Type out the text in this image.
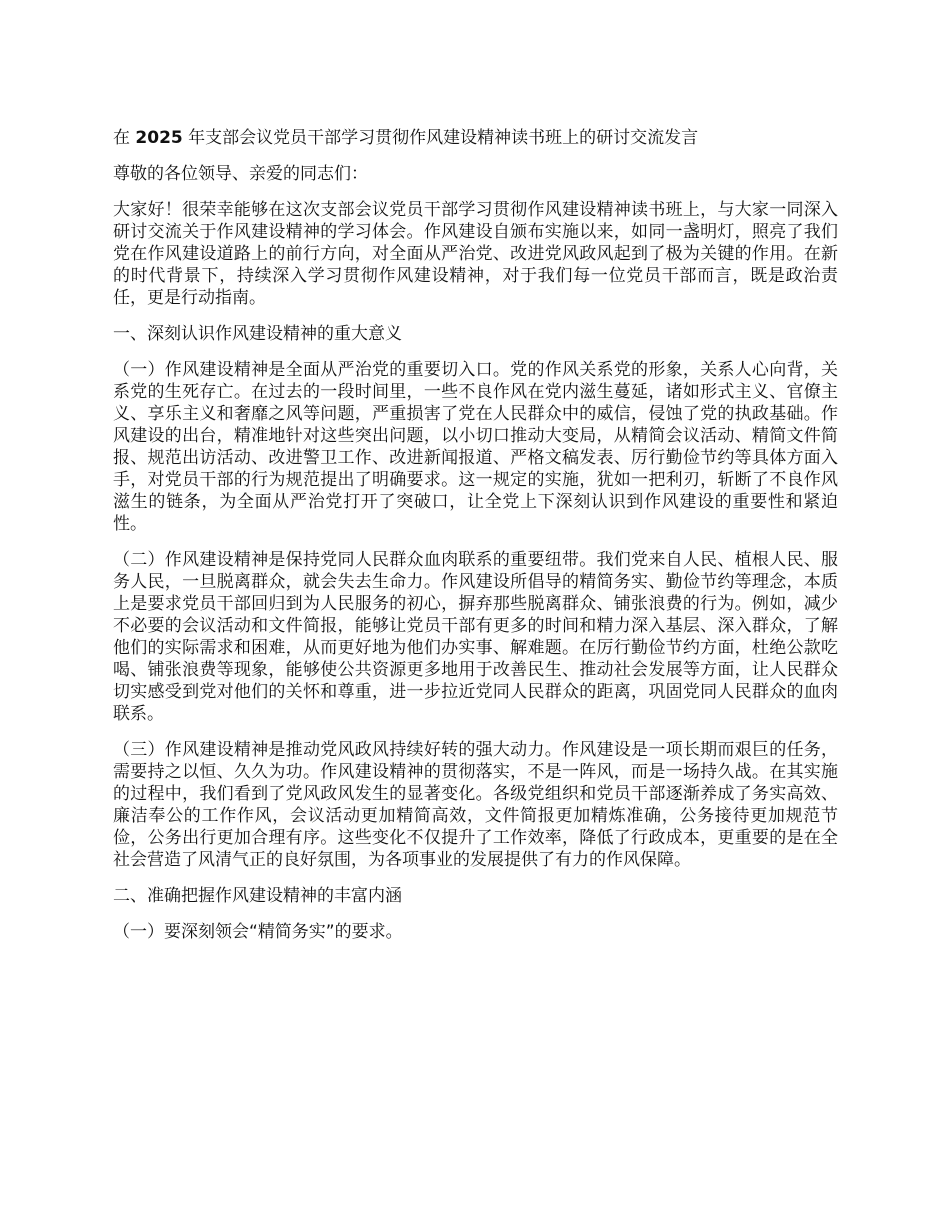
在 2025 年支部会议党员干部学习贯彻作风建设精神读书班上的研讨交流发言

尊敬的各位领导、亲爱的同志们：

大家好！很荣幸能够在这次支部会议党员干部学习贯彻作风建设精神读书班上，与大家一同深入研讨交流关于作风建设精神的学习体会。作风建设自颁布实施以来，如同一盏明灯，照亮了我们党在作风建设道路上的前行方向，对全面从严治党、改进党风政风起到了极为关键的作用。在新的时代背景下，持续深入学习贯彻作风建设精神，对于我们每一位党员干部而言，既是政治责任，更是行动指南。

一、深刻认识作风建设精神的重大意义

（一）作风建设精神是全面从严治党的重要切入口。党的作风关系党的形象，关系人心向背，关系党的生死存亡。在过去的一段时间里，一些不良作风在党内滋生蔓延，诸如形式主义、官僚主义、享乐主义和奢靡之风等问题，严重损害了党在人民群众中的威信，侵蚀了党的执政基础。作风建设的出台，精准地针对这些突出问题，以小切口推动大变局，从精简会议活动、精简文件简报、规范出访活动、改进警卫工作、改进新闻报道、严格文稿发表、厉行勤俭节约等具体方面入手，对党员干部的行为规范提出了明确要求。这一规定的实施，犹如一把利刃，斩断了不良作风滋生的链条，为全面从严治党打开了突破口，让全党上下深刻认识到作风建设的重要性和紧迫性。

（二）作风建设精神是保持党同人民群众血肉联系的重要纽带。我们党来自人民、植根人民、服务人民，一旦脱离群众，就会失去生命力。作风建设所倡导的精简务实、勤俭节约等理念，本质上是要求党员干部回归到为人民服务的初心，摒弃那些脱离群众、铺张浪费的行为。例如，减少不必要的会议活动和文件简报，能够让党员干部有更多的时间和精力深入基层、深入群众，了解他们的实际需求和困难，从而更好地为他们办实事、解难题。在厉行勤俭节约方面，杜绝公款吃喝、铺张浪费等现象，能够使公共资源更多地用于改善民生、推动社会发展等方面，让人民群众切实感受到党对他们的关怀和尊重，进一步拉近党同人民群众的距离，巩固党同人民群众的血肉联系。

（三）作风建设精神是推动党风政风持续好转的强大动力。作风建设是一项长期而艰巨的任务，需要持之以恒、久久为功。作风建设精神的贯彻落实，不是一阵风，而是一场持久战。在其实施的过程中，我们看到了党风政风发生的显著变化。各级党组织和党员干部逐渐养成了务实高效、廉洁奉公的工作作风，会议活动更加精简高效，文件简报更加精炼准确，公务接待更加规范节俭，公务出行更加合理有序。这些变化不仅提升了工作效率，降低了行政成本，更重要的是在全社会营造了风清气正的良好氛围，为各项事业的发展提供了有力的作风保障。

二、准确把握作风建设精神的丰富内涵

（一）要深刻领会“精简务实”的要求。
